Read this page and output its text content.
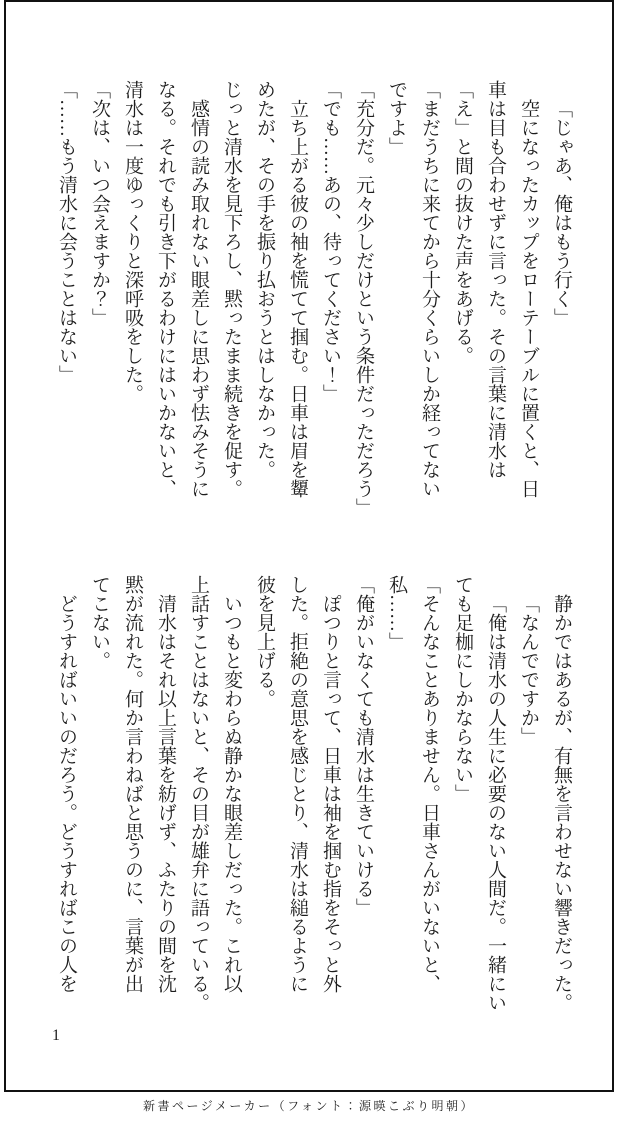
「じゃあ、俺はもう行く」
空になったカップをローテーブルに置くと、日
車は目も合わせずに言った。その言葉に清水は
「え」と間の抜けた声をあげる。
「まだうちに来てから十分くらいしか経ってない
ですよ」
「充分だ。元々少しだけという条件だっただろう」
「でも……あの、待ってください！」
立ち上がる彼の袖を慌てて掴む。日車は眉を顰
めたが、その手を振り払おうとはしなかった。
じっと清水を見下ろし、黙ったまま続きを促す。
感情の読み取れない眼差しに思わず怯みそうに
なる。それでも引き下がるわけにはいかないと、
清水は一度ゆっくりと深呼吸をした。
「次は、いつ会えますか？」
「……もう清水に会うことはない」
静かではあるが、有無を言わせない響きだった。
「なんでですか」
「俺は清水の人生に必要のない人間だ。一緒にい
ても足枷にしかならない」
「そんなことありません。日車さんがいないと、
私……」
「俺がいなくても清水は生きていける」
ぽつりと言って、日車は袖を掴む指をそっと外
した。拒絶の意思を感じとり、清水は縋るように
彼を見上げる。
いつもと変わらぬ静かな眼差しだった。これ以
上話すことはないと、その目が雄弁に語っている。
清水はそれ以上言葉を紡げず、ふたりの間を沈
黙が流れた。何か言わねばと思うのに、言葉が出
てこない。
どうすればいいのだろう。どうすればこの人を
1
新書ページメーカー（フォント：源暎こぶり明朝）
